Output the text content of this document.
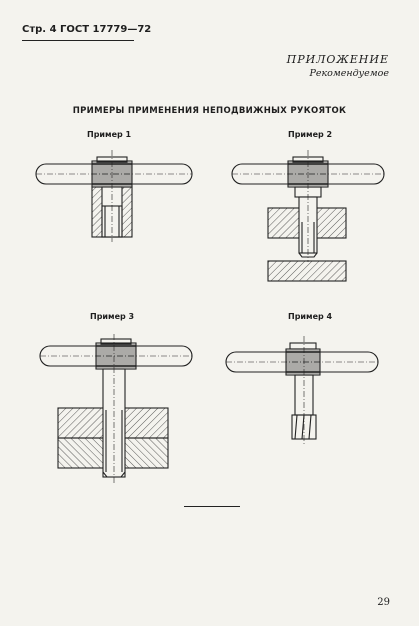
Стр. 4 ГОСТ 17779—72
ПРИЛОЖЕНИЕ
Рекомендуемое
ПРИМЕРЫ ПРИМЕНЕНИЯ НЕПОДВИЖНЫХ РУКОЯТОК
Пример 1	Пример 2
Пример 3	Пример 4
29
